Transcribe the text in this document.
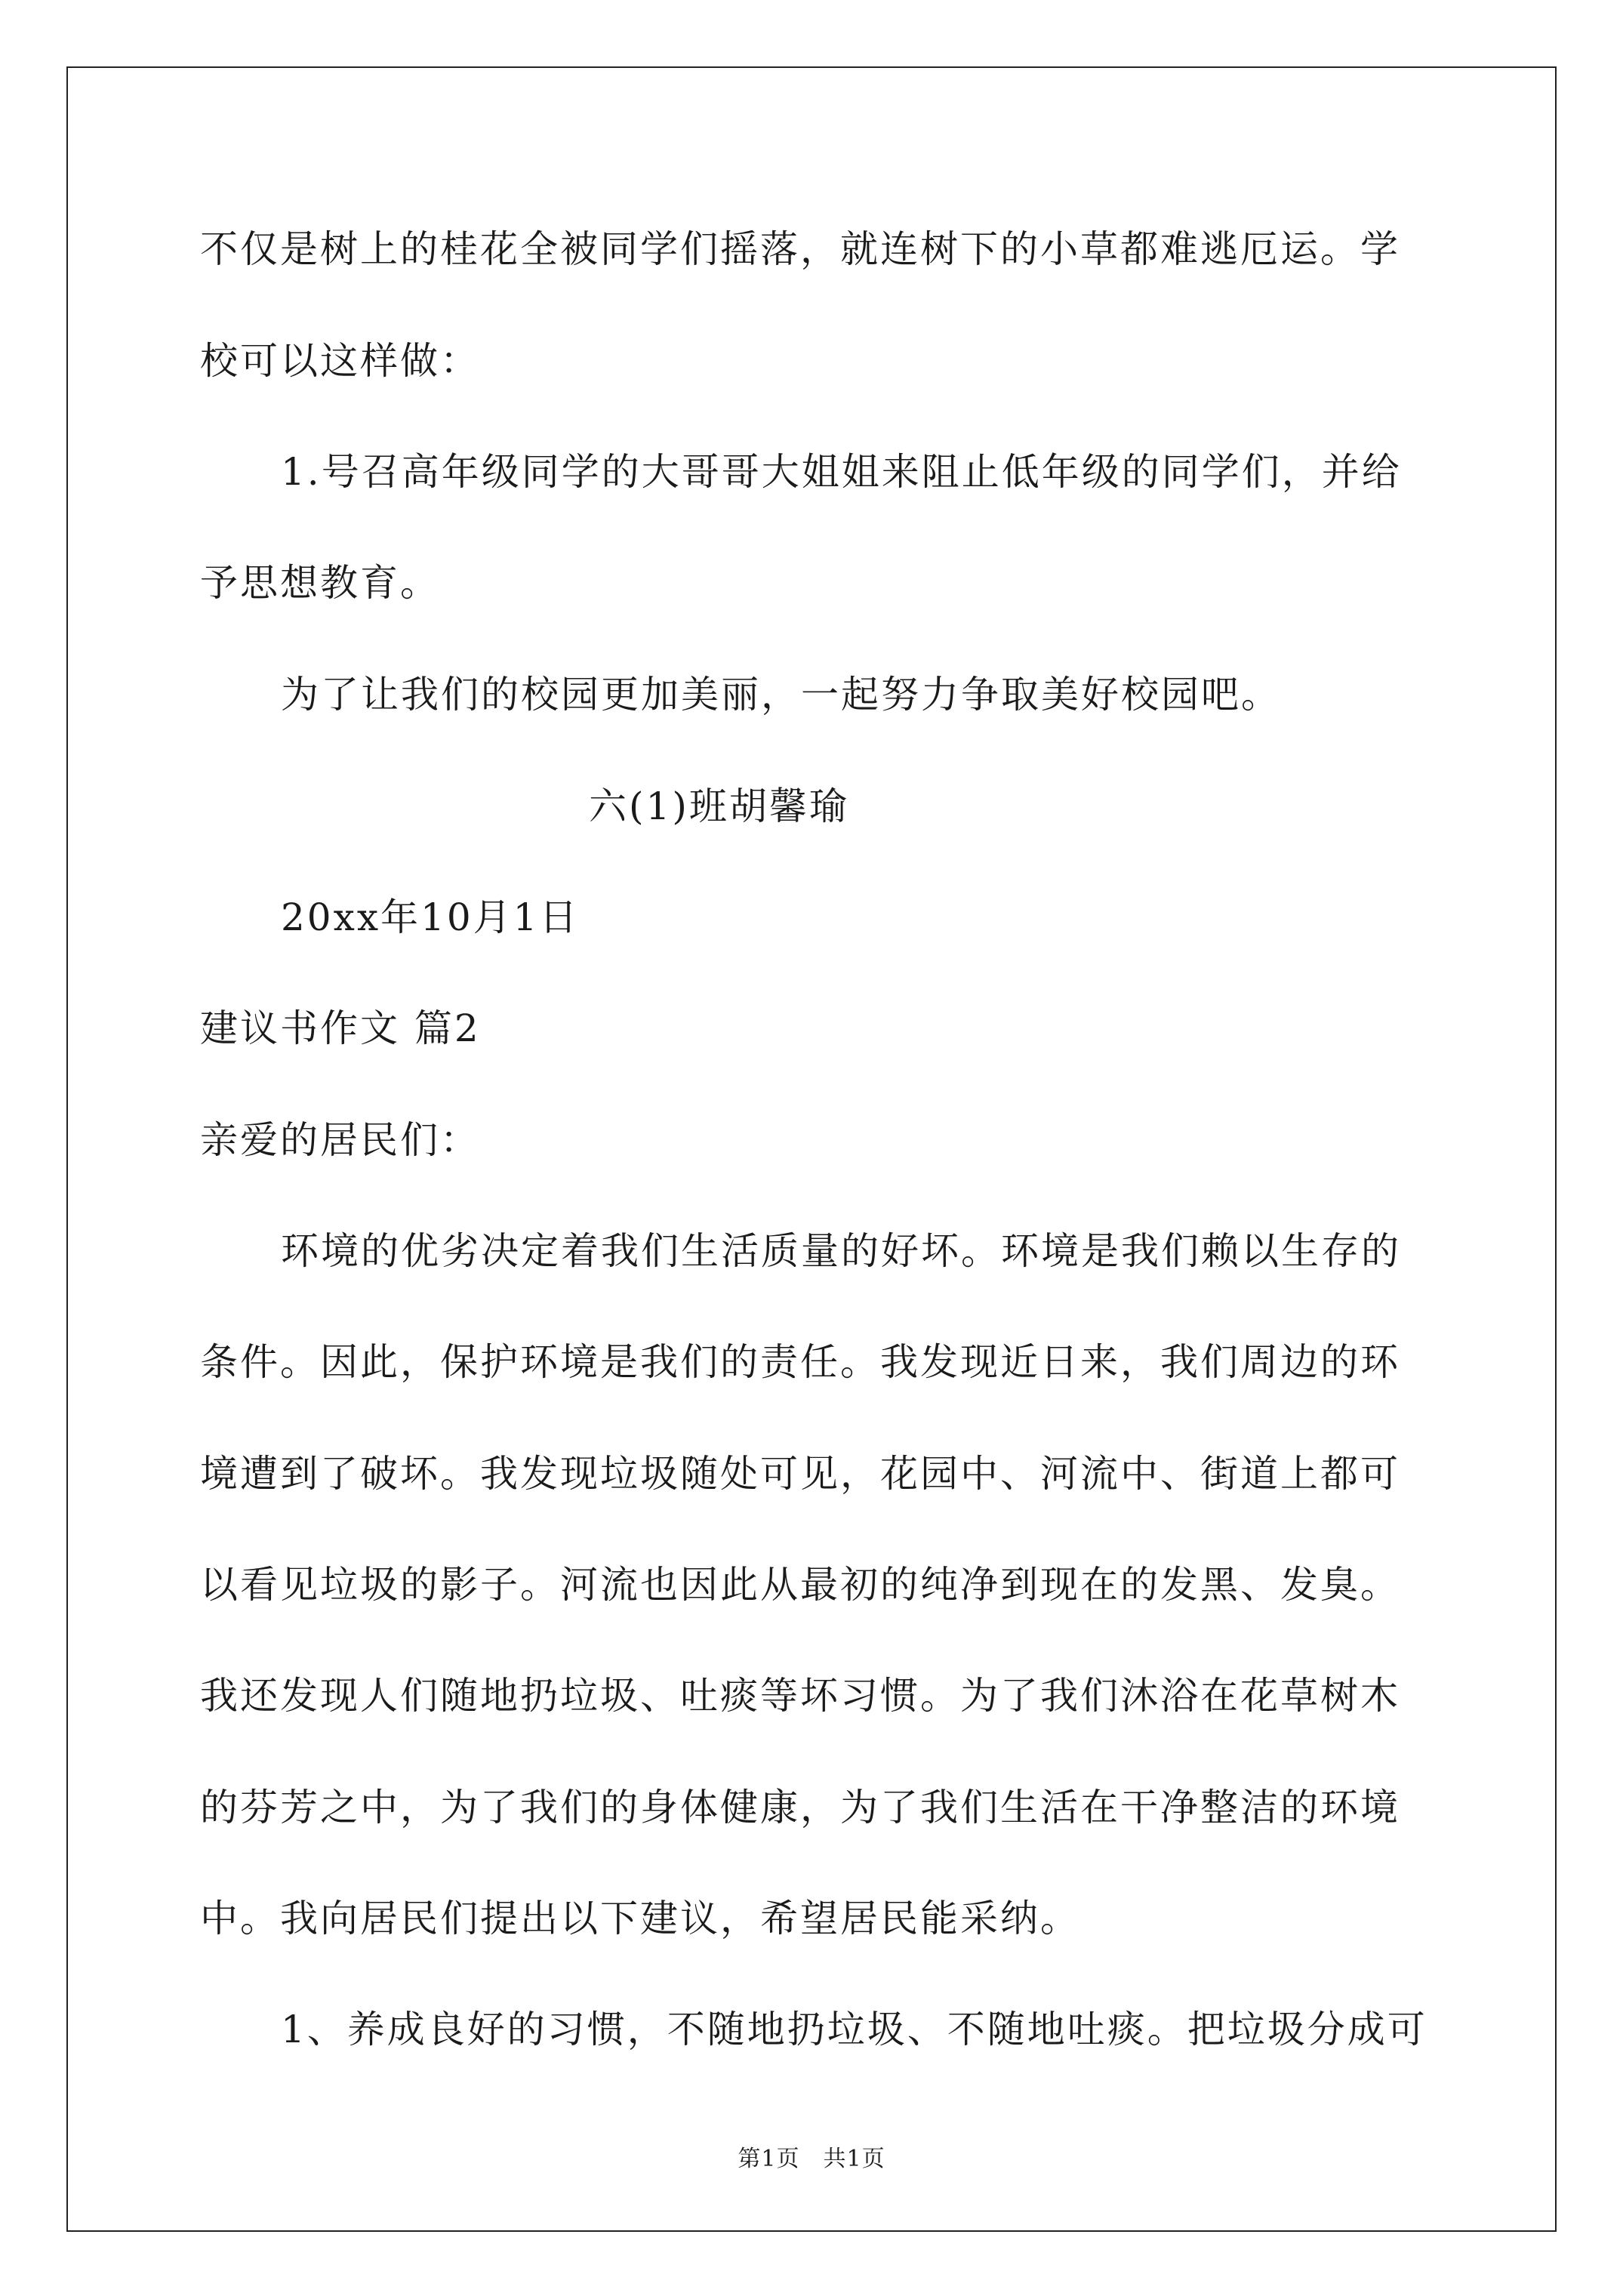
不仅是树上的桂花全被同学们摇落，就连树下的小草都难逃厄运。学
校可以这样做：
1.号召高年级同学的大哥哥大姐姐来阻止低年级的同学们，并给
予思想教育。
为了让我们的校园更加美丽，一起努力争取美好校园吧。
六(1)班胡馨瑜
20xx年10月1日
建议书作文 篇2
亲爱的居民们：
环境的优劣决定着我们生活质量的好坏。环境是我们赖以生存的
条件。因此，保护环境是我们的责任。我发现近日来，我们周边的环
境遭到了破坏。我发现垃圾随处可见，花园中、河流中、街道上都可
以看见垃圾的影子。河流也因此从最初的纯净到现在的发黑、发臭。
我还发现人们随地扔垃圾、吐痰等坏习惯。为了我们沐浴在花草树木
的芬芳之中，为了我们的身体健康，为了我们生活在干净整洁的环境
中。我向居民们提出以下建议，希望居民能采纳。
1、养成良好的习惯，不随地扔垃圾、不随地吐痰。把垃圾分成可
第1页　共1页
